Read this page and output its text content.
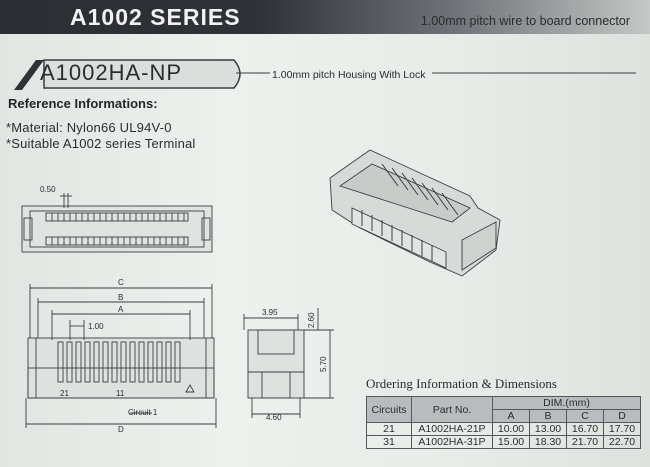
A1002 SERIES	1.00mm pitch wire to board connector
A1002HA-NP	1.00mm pitch Housing With Lock
Reference Informations:
*Material: Nylon66 UL94V-0
*Suitable A1002 series Terminal
0.50
C
B
A
1.00
21	11
Circuit 1
D
3.95	2.60
5.70
4.60
Ordering Information & Dimensions
Circuits	Part No.	DIM.(mm)			
		A	B	C	D
21	A1002HA-21P	10.00	13.00	16.70	17.70
31	A1002HA-31P	15.00	18.30	21.70	22.70
